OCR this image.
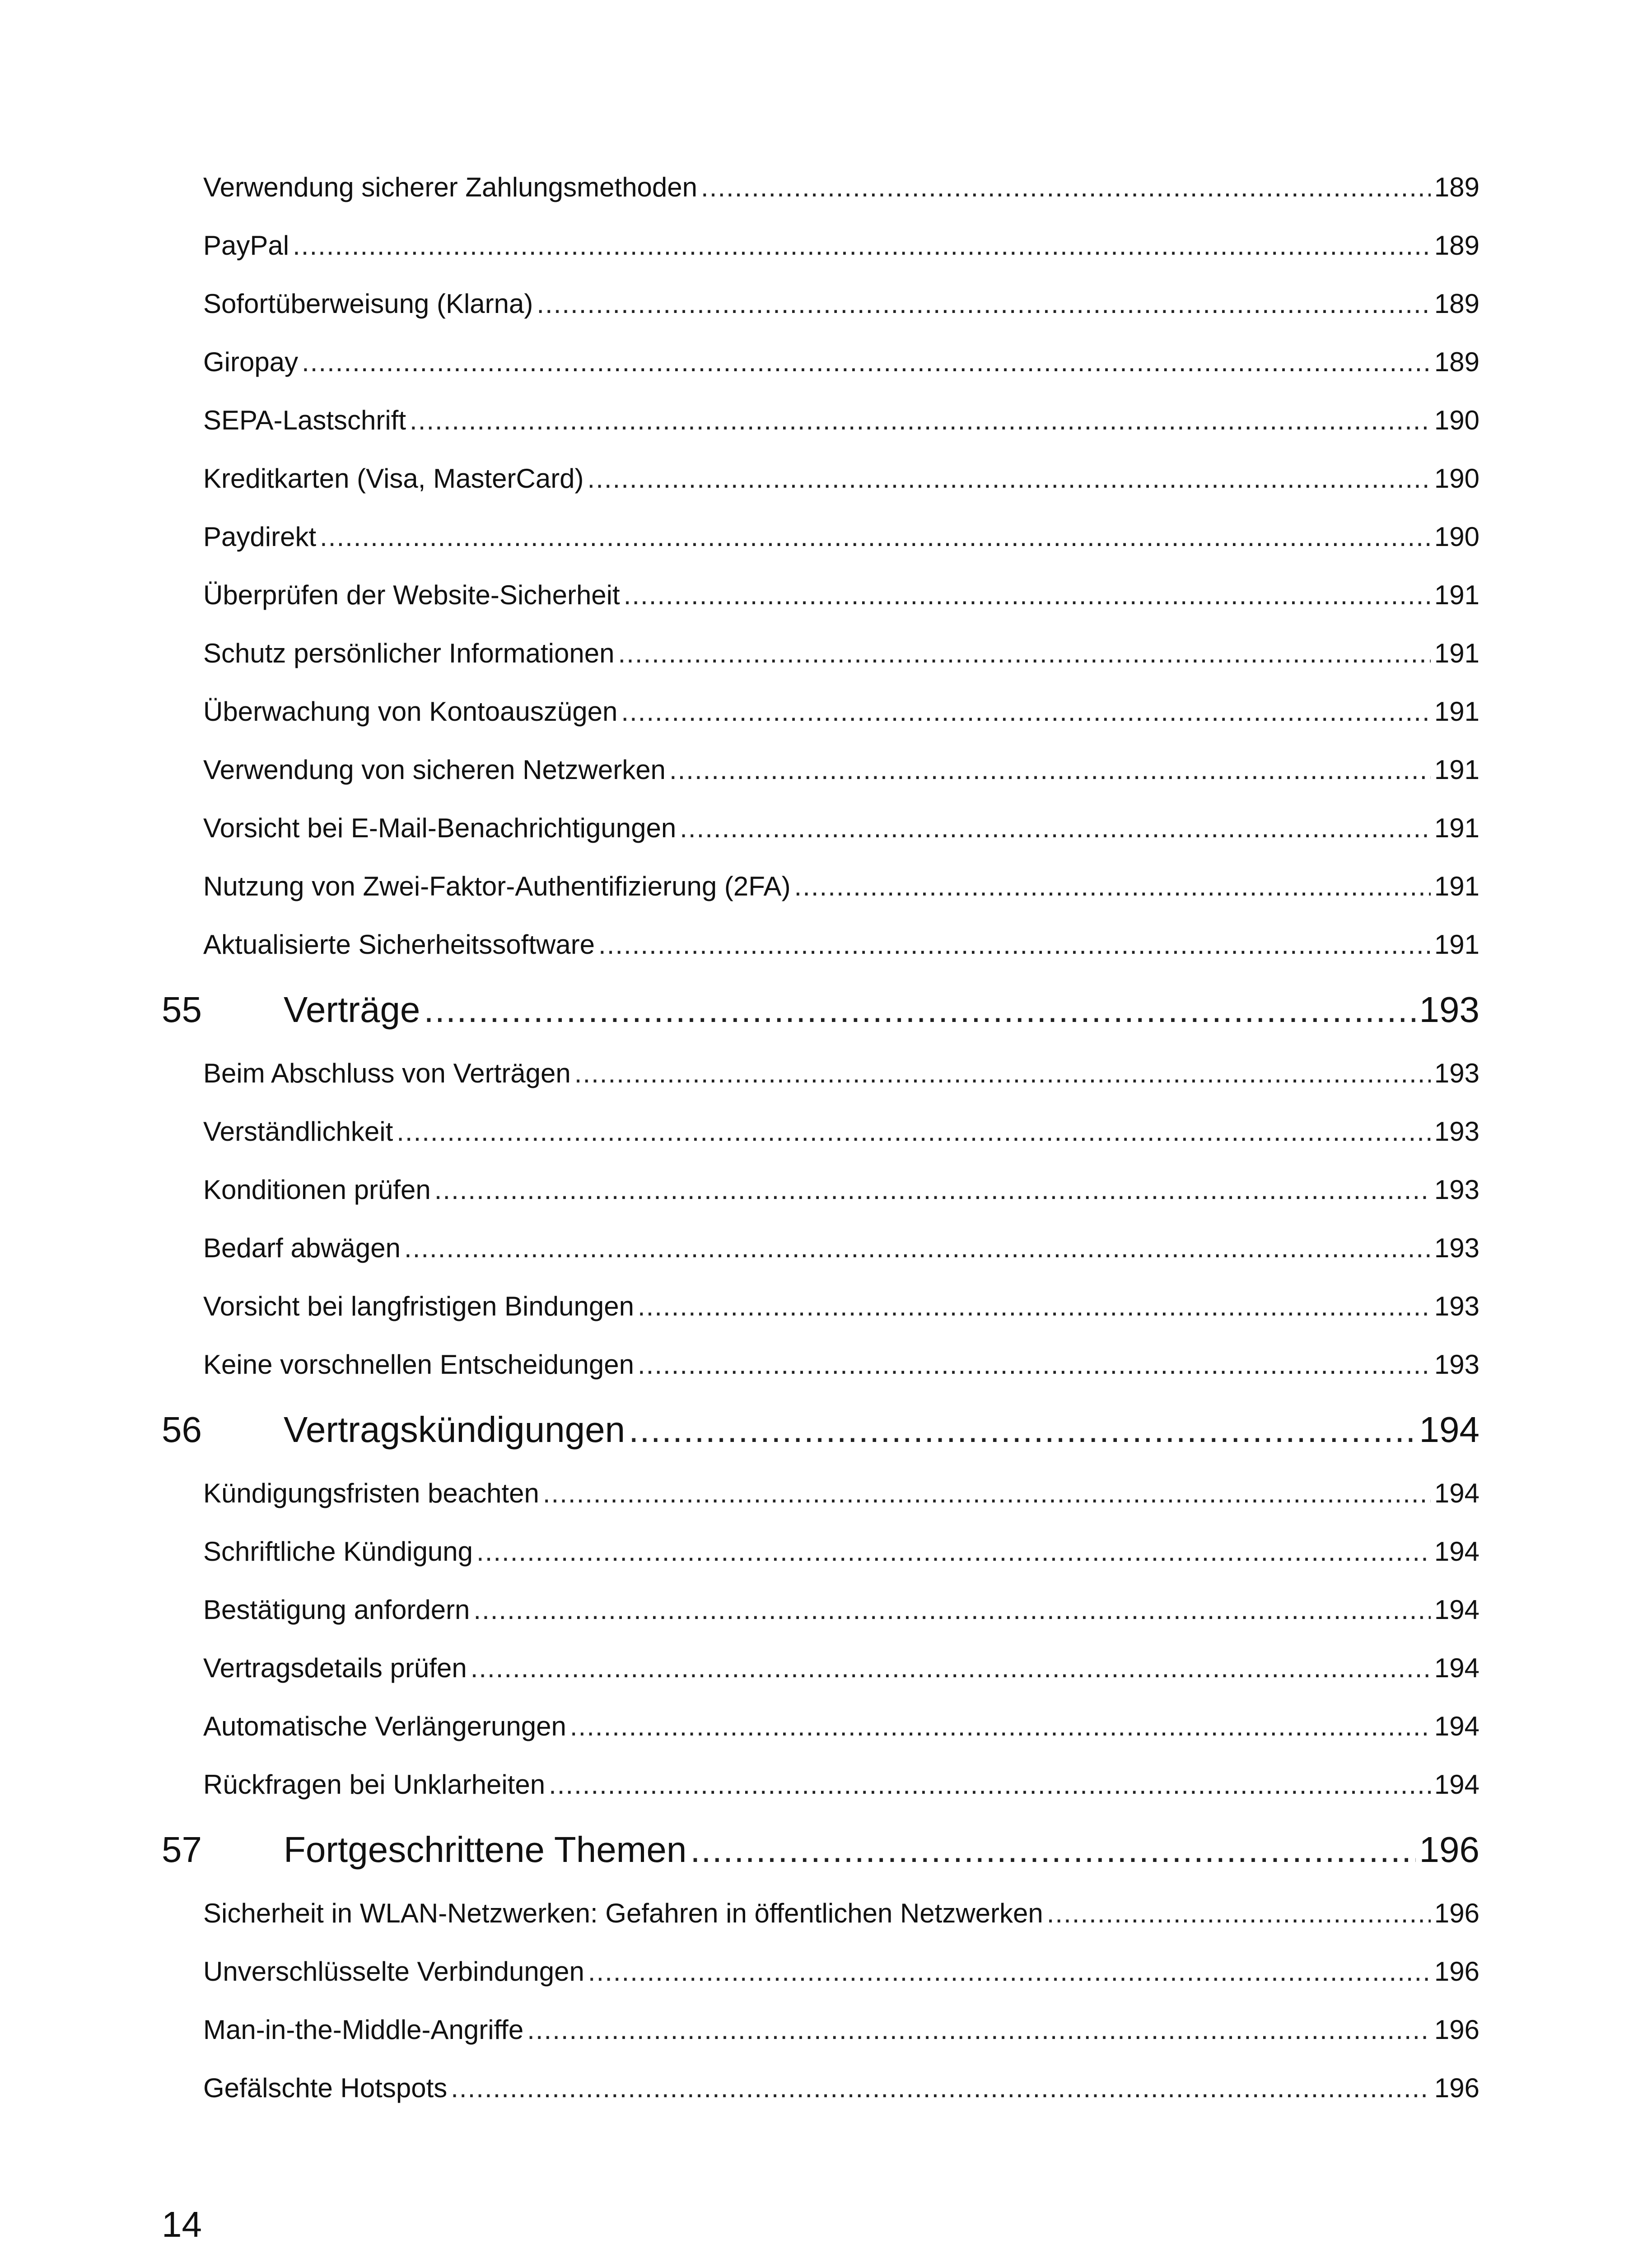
Verwendung sicherer Zahlungsmethoden .....	189
PayPal .....	189
Sofortüberweisung (Klarna) .....	189
Giropay .....	189
SEPA-Lastschrift .....	190
Kreditkarten (Visa, MasterCard) .....	190
Paydirekt .....	190
Überprüfen der Website-Sicherheit .....	191
Schutz persönlicher Informationen .....	191
Überwachung von Kontoauszügen .....	191
Verwendung von sicheren Netzwerken .....	191
Vorsicht bei E-Mail-Benachrichtigungen .....	191
Nutzung von Zwei-Faktor-Authentifizierung (2FA) .....	191
Aktualisierte Sicherheitssoftware .....	191
55	Verträge .....	193
Beim Abschluss von Verträgen .....	193
Verständlichkeit .....	193
Konditionen prüfen .....	193
Bedarf abwägen .....	193
Vorsicht bei langfristigen Bindungen .....	193
Keine vorschnellen Entscheidungen .....	193
56	Vertragskündigungen .....	194
Kündigungsfristen beachten .....	194
Schriftliche Kündigung .....	194
Bestätigung anfordern .....	194
Vertragsdetails prüfen .....	194
Automatische Verlängerungen .....	194
Rückfragen bei Unklarheiten .....	194
57	Fortgeschrittene Themen .....	196
Sicherheit in WLAN-Netzwerken: Gefahren in öffentlichen Netzwerken .....	196
Unverschlüsselte Verbindungen .....	196
Man-in-the-Middle-Angriffe .....	196
Gefälschte Hotspots .....	196
14
